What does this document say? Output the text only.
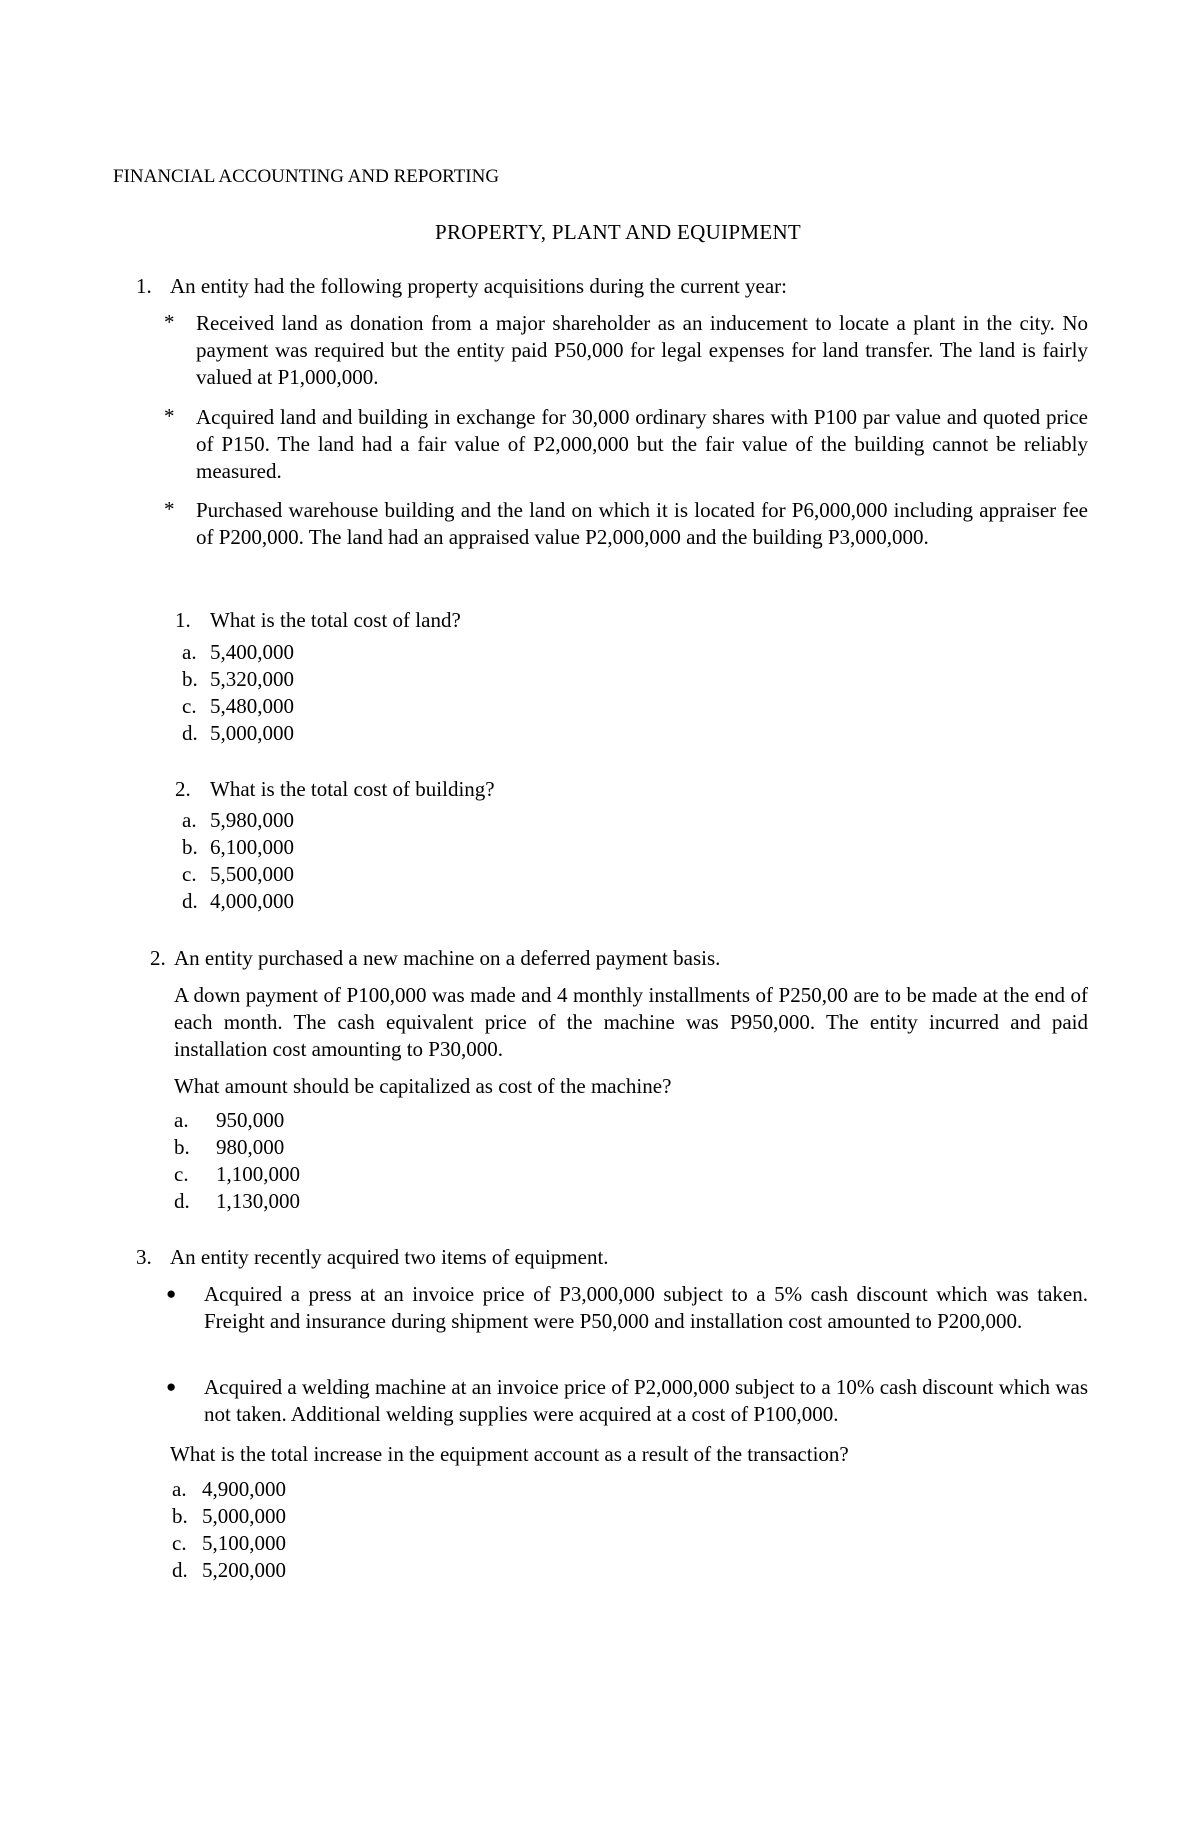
FINANCIAL ACCOUNTING AND REPORTING
PROPERTY, PLANT AND EQUIPMENT
1. An entity had the following property acquisitions during the current year:
* Received land as donation from a major shareholder as an inducement to locate a plant in the city. No payment was required but the entity paid P50,000 for legal expenses for land transfer. The land is fairly valued at P1,000,000.
* Acquired land and building in exchange for 30,000 ordinary shares with P100 par value and quoted price of P150. The land had a fair value of P2,000,000 but the fair value of the building cannot be reliably measured.
* Purchased warehouse building and the land on which it is located for P6,000,000 including appraiser fee of P200,000. The land had an appraised value P2,000,000 and the building P3,000,000.
1. What is the total cost of land?
a. 5,400,000
b. 5,320,000
c. 5,480,000
d. 5,000,000
2. What is the total cost of building?
a. 5,980,000
b. 6,100,000
c. 5,500,000
d. 4,000,000
2. An entity purchased a new machine on a deferred payment basis.
A down payment of P100,000 was made and 4 monthly installments of P250,00 are to be made at the end of each month. The cash equivalent price of the machine was P950,000. The entity incurred and paid installation cost amounting to P30,000.
What amount should be capitalized as cost of the machine?
a. 950,000
b. 980,000
c. 1,100,000
d. 1,130,000
3. An entity recently acquired two items of equipment.
● Acquired a press at an invoice price of P3,000,000 subject to a 5% cash discount which was taken. Freight and insurance during shipment were P50,000 and installation cost amounted to P200,000.
● Acquired a welding machine at an invoice price of P2,000,000 subject to a 10% cash discount which was not taken. Additional welding supplies were acquired at a cost of P100,000.
What is the total increase in the equipment account as a result of the transaction?
a. 4,900,000
b. 5,000,000
c. 5,100,000
d. 5,200,000
